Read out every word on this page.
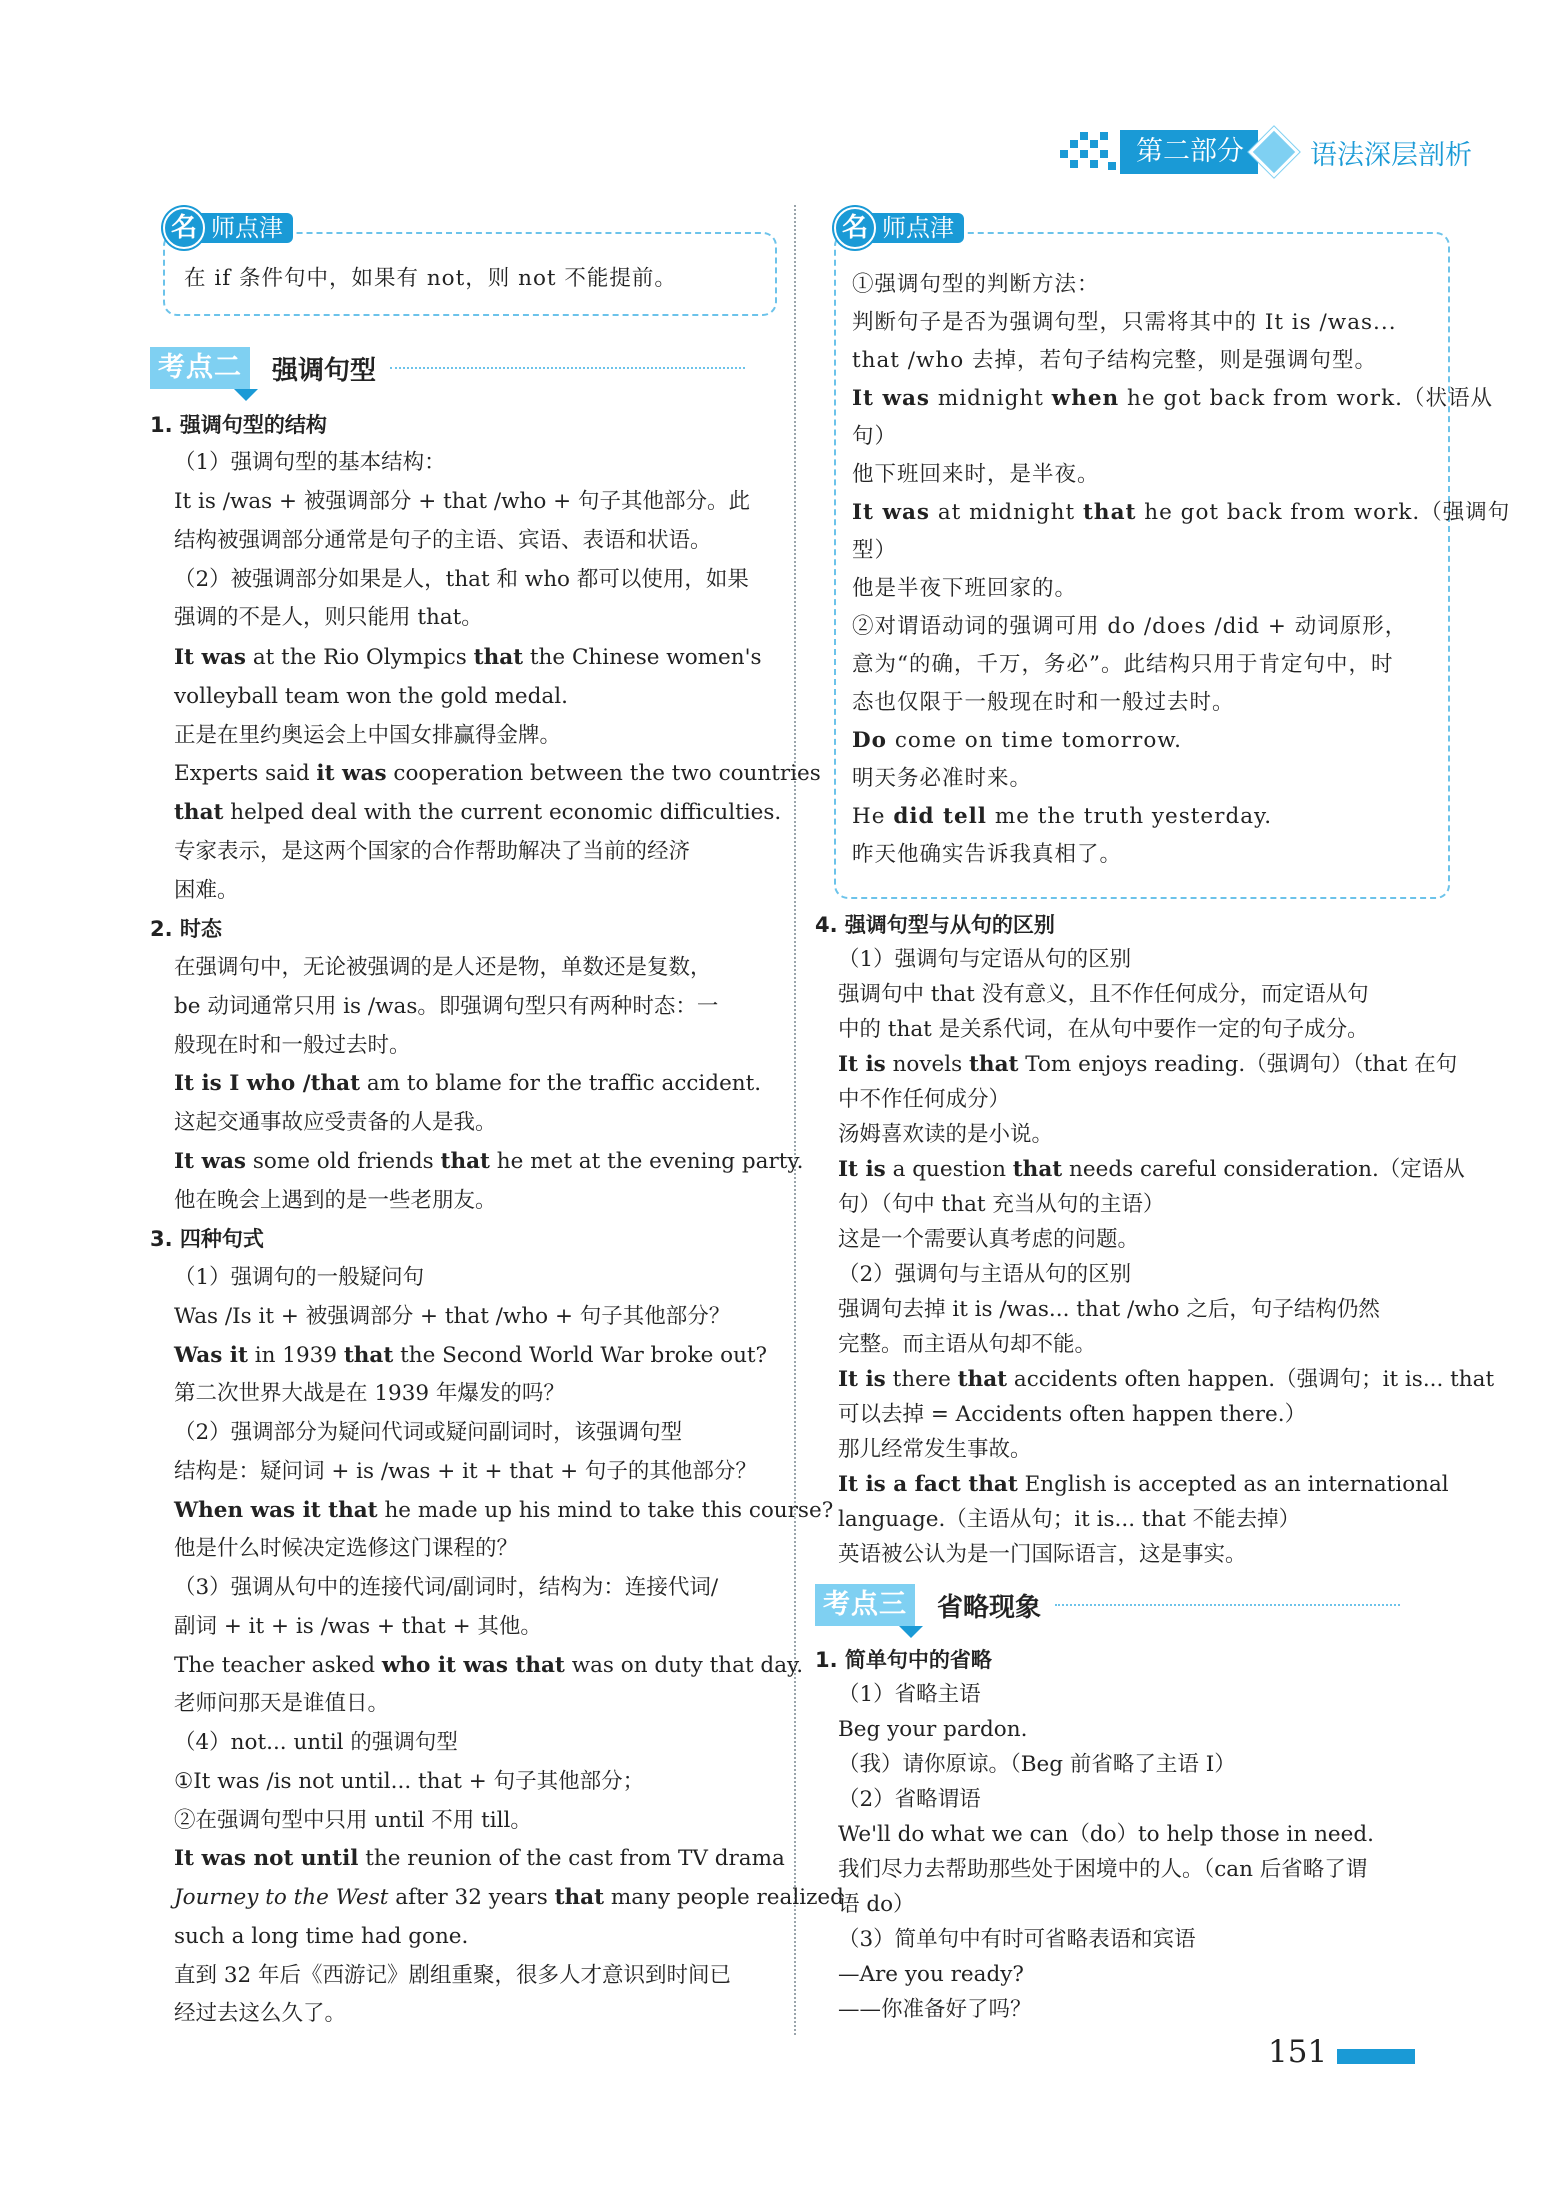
第二部分	语法深层剖析
名 师点津
在 if 条件句中，如果有 not，则 not 不能提前。
考点二	强调句型
1. 强调句型的结构
（1）强调句型的基本结构：
It is /was + 被强调部分 + that /who + 句子其他部分。此
结构被强调部分通常是句子的主语、宾语、表语和状语。
（2）被强调部分如果是人，that 和 who 都可以使用，如果
强调的不是人，则只能用 that。
It was at the Rio Olympics that the Chinese women's
volleyball team won the gold medal.
正是在里约奥运会上中国女排赢得金牌。
Experts said it was cooperation between the two countries
that helped deal with the current economic difficulties.
专家表示，是这两个国家的合作帮助解决了当前的经济
困难。
2. 时态
在强调句中，无论被强调的是人还是物，单数还是复数，
be 动词通常只用 is /was。即强调句型只有两种时态：一
般现在时和一般过去时。
It is I who /that am to blame for the traffic accident.
这起交通事故应受责备的人是我。
It was some old friends that he met at the evening party.
他在晚会上遇到的是一些老朋友。
3. 四种句式
（1）强调句的一般疑问句
Was /Is it + 被强调部分 + that /who + 句子其他部分？
Was it in 1939 that the Second World War broke out?
第二次世界大战是在 1939 年爆发的吗？
（2）强调部分为疑问代词或疑问副词时，该强调句型
结构是：疑问词 + is /was + it + that + 句子的其他部分？
When was it that he made up his mind to take this course?
他是什么时候决定选修这门课程的？
（3）强调从句中的连接代词/副词时，结构为：连接代词/
副词 + it + is /was + that + 其他。
The teacher asked who it was that was on duty that day.
老师问那天是谁值日。
（4）not... until 的强调句型
①It was /is not until... that + 句子其他部分；
②在强调句型中只用 until 不用 till。
It was not until the reunion of the cast from TV drama
Journey to the West after 32 years that many people realized
such a long time had gone.
直到 32 年后《西游记》剧组重聚，很多人才意识到时间已
经过去这么久了。
名 师点津
①强调句型的判断方法：
判断句子是否为强调句型，只需将其中的 It is /was...
that /who 去掉，若句子结构完整，则是强调句型。
It was midnight when he got back from work.（状语从
句）
他下班回来时，是半夜。
It was at midnight that he got back from work.（强调句
型）
他是半夜下班回家的。
②对谓语动词的强调可用 do /does /did + 动词原形，
意为“的确，千万，务必”。此结构只用于肯定句中，时
态也仅限于一般现在时和一般过去时。
Do come on time tomorrow.
明天务必准时来。
He did tell me the truth yesterday.
昨天他确实告诉我真相了。
4. 强调句型与从句的区别
（1）强调句与定语从句的区别
强调句中 that 没有意义，且不作任何成分，而定语从句
中的 that 是关系代词，在从句中要作一定的句子成分。
It is novels that Tom enjoys reading.（强调句）（that 在句
中不作任何成分）
汤姆喜欢读的是小说。
It is a question that needs careful consideration.（定语从
句）（句中 that 充当从句的主语）
这是一个需要认真考虑的问题。
（2）强调句与主语从句的区别
强调句去掉 it is /was... that /who 之后，句子结构仍然
完整。而主语从句却不能。
It is there that accidents often happen.（强调句；it is... that
可以去掉 = Accidents often happen there.）
那儿经常发生事故。
It is a fact that English is accepted as an international
language.（主语从句；it is... that 不能去掉）
英语被公认为是一门国际语言，这是事实。
考点三	省略现象
1. 简单句中的省略
（1）省略主语
Beg your pardon.
（我）请你原谅。（Beg 前省略了主语 I）
（2）省略谓语
We'll do what we can（do）to help those in need.
我们尽力去帮助那些处于困境中的人。（can 后省略了谓
语 do）
（3）简单句中有时可省略表语和宾语
—Are you ready?
——你准备好了吗？
151
